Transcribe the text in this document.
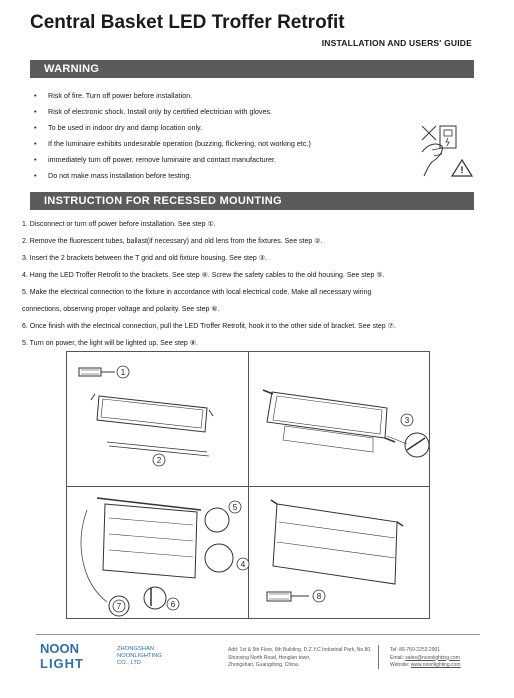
Central Basket LED Troffer Retrofit
INSTALLATION AND USERS' GUIDE
WARNING
• Risk of fire. Turn off power before installation.
• Risk of electronic shock. Install only by certified electrician with gloves.
• To be used in indoor dry and damp location only.
• If the luminaire exhibits undesirable operation (buzzing, flickering, not working etc.)
• immediately turn off power, remove luminaire and contact manufacturer.
• Do not make mass installation before testing.
!
INSTRUCTION FOR RECESSED MOUNTING
1. Disconnect or turn off power before installation. See step ①.
2. Remove the fluorescent tubes, ballast(if necessary) and old lens from the fixtures. See step ②.
3. Insert the 2 brackets between the T grid and old fixture housing. See step ③.
4. Hang the LED Troffer Retrofit to the brackets. See step ④. Screw the safety cables to the old housing. See step ⑤.
5. Make the electrical connection to the fixture in accordance with local electrical code. Make all necessary wiring
connections, observing proper voltage and polarity. See step ⑥.
6. Once finish with the electrical connection, pull the LED Troffer Retrofit, hook it to the other side of bracket. See step ⑦.
5. Turn on power, the light will be lighted up. See step ⑧.
1
2
3
4
5
6
7
8
NOON
LIGHT
ZHONGSHAN
NOONLIGHTING
CO., LTD
Add: 1st & 5th Floor, 6th Building, D.Z.Y.C Industrial Park, No.80,
Shunxing North Road, Henglan town,
Zhongshan, Guangdong, China.
Tel: 86-760-2253 2901
Email: sales@noonlighting.com
Website: www.noonlighting.com
